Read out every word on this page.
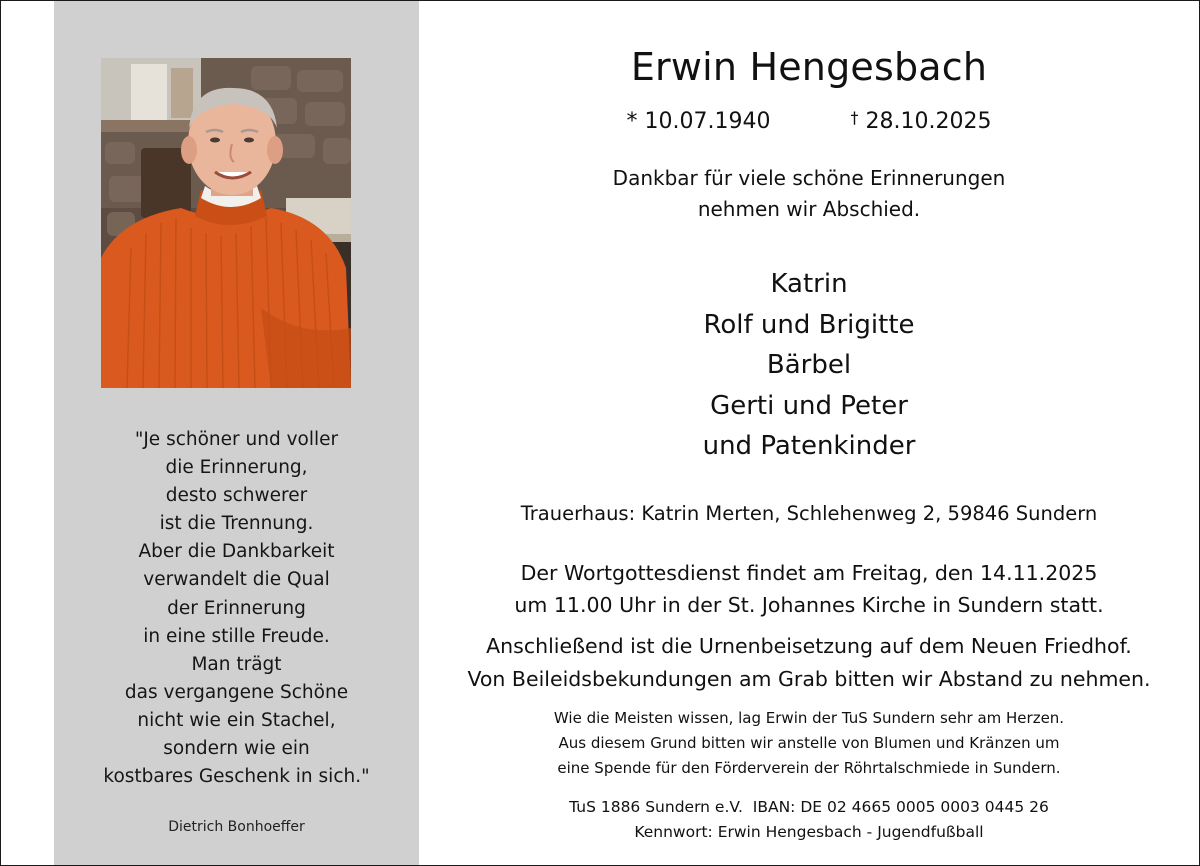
"Je schöner und voller
die Erinnerung,
desto schwerer
ist die Trennung.
Aber die Dankbarkeit
verwandelt die Qual
der Erinnerung
in eine stille Freude.
Man trägt
das vergangene Schöne
nicht wie ein Stachel,
sondern wie ein
kostbares Geschenk in sich."
Dietrich Bonhoeffer
Erwin Hengesbach
* 10.07.1940	† 28.10.2025
Dankbar für viele schöne Erinnerungen
nehmen wir Abschied.
Katrin
Rolf und Brigitte
Bärbel
Gerti und Peter
und Patenkinder
Trauerhaus: Katrin Merten, Schlehenweg 2, 59846 Sundern
Der Wortgottesdienst findet am Freitag, den 14.11.2025
um 11.00 Uhr in der St. Johannes Kirche in Sundern statt.
Anschließend ist die Urnenbeisetzung auf dem Neuen Friedhof.
Von Beileidsbekundungen am Grab bitten wir Abstand zu nehmen.
Wie die Meisten wissen, lag Erwin der TuS Sundern sehr am Herzen.
Aus diesem Grund bitten wir anstelle von Blumen und Kränzen um
eine Spende für den Förderverein der Röhrtalschmiede in Sundern.
TuS 1886 Sundern e.V.  IBAN: DE 02 4665 0005 0003 0445 26
Kennwort: Erwin Hengesbach - Jugendfußball
